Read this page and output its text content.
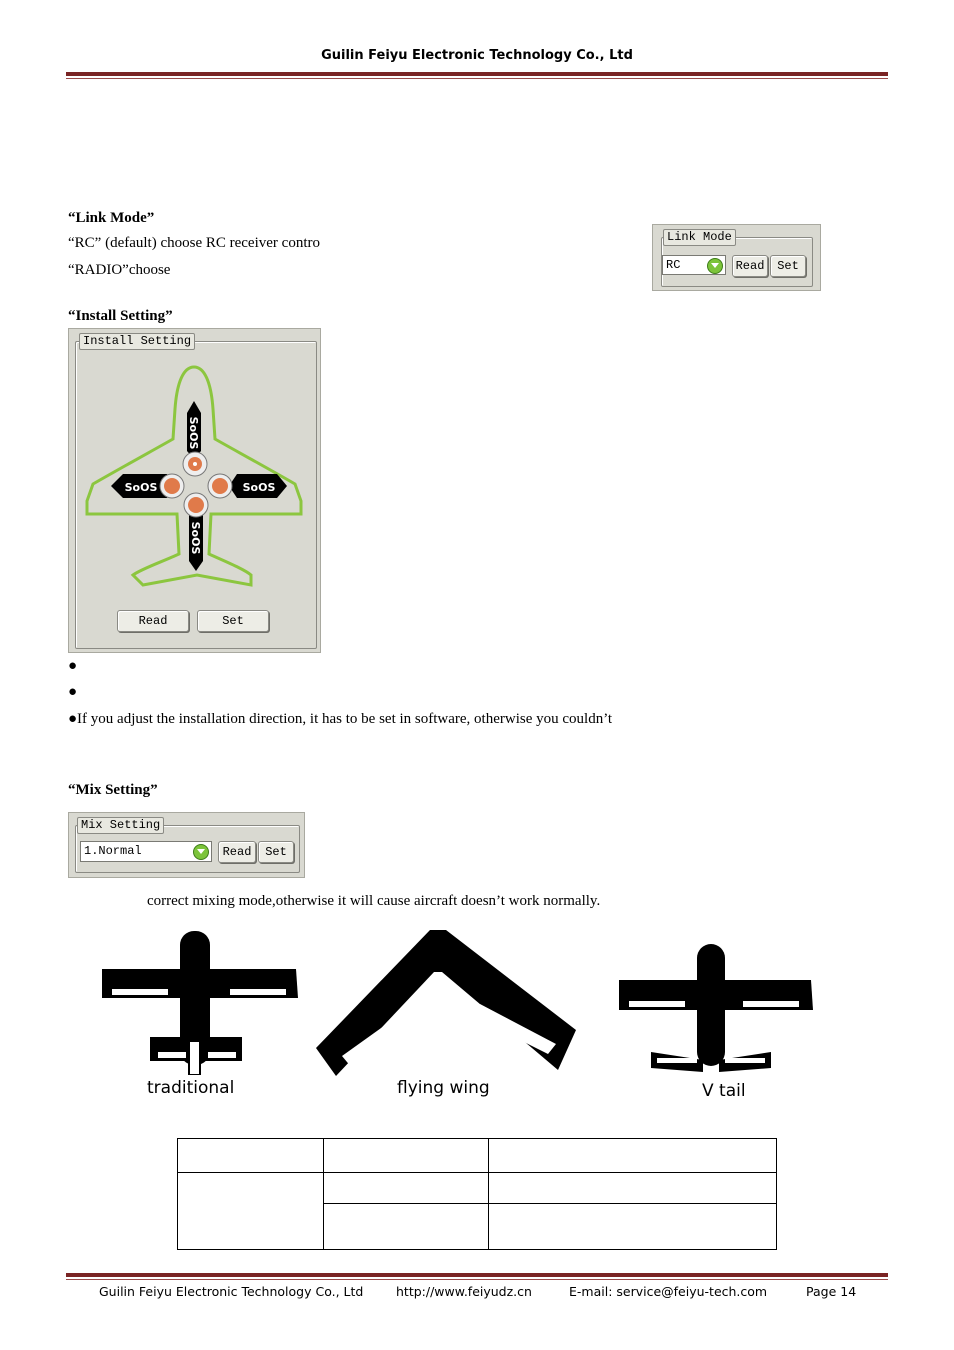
Guilin Feiyu Electronic Technology Co., Ltd
“Link Mode”
“RC” (default) choose RC receiver contro
“RADIO”choose
Link Mode
RC	Read	Set
“Install Setting”
Install Setting
SoOS
SoOS
SoOS	SoOS
Read	Set
●
●
●If you adjust the installation direction, it has to be set in software, otherwise you couldn’t
“Mix Setting”
Mix Setting
1.Normal	Read	Set
correct mixing mode,otherwise it will cause aircraft doesn’t work normally.
traditional	flying wing	V tail

Guilin Feiyu Electronic Technology Co., Ltd	http://www.feiyudz.cn	E-mail: service@feiyu-tech.com	Page 14
